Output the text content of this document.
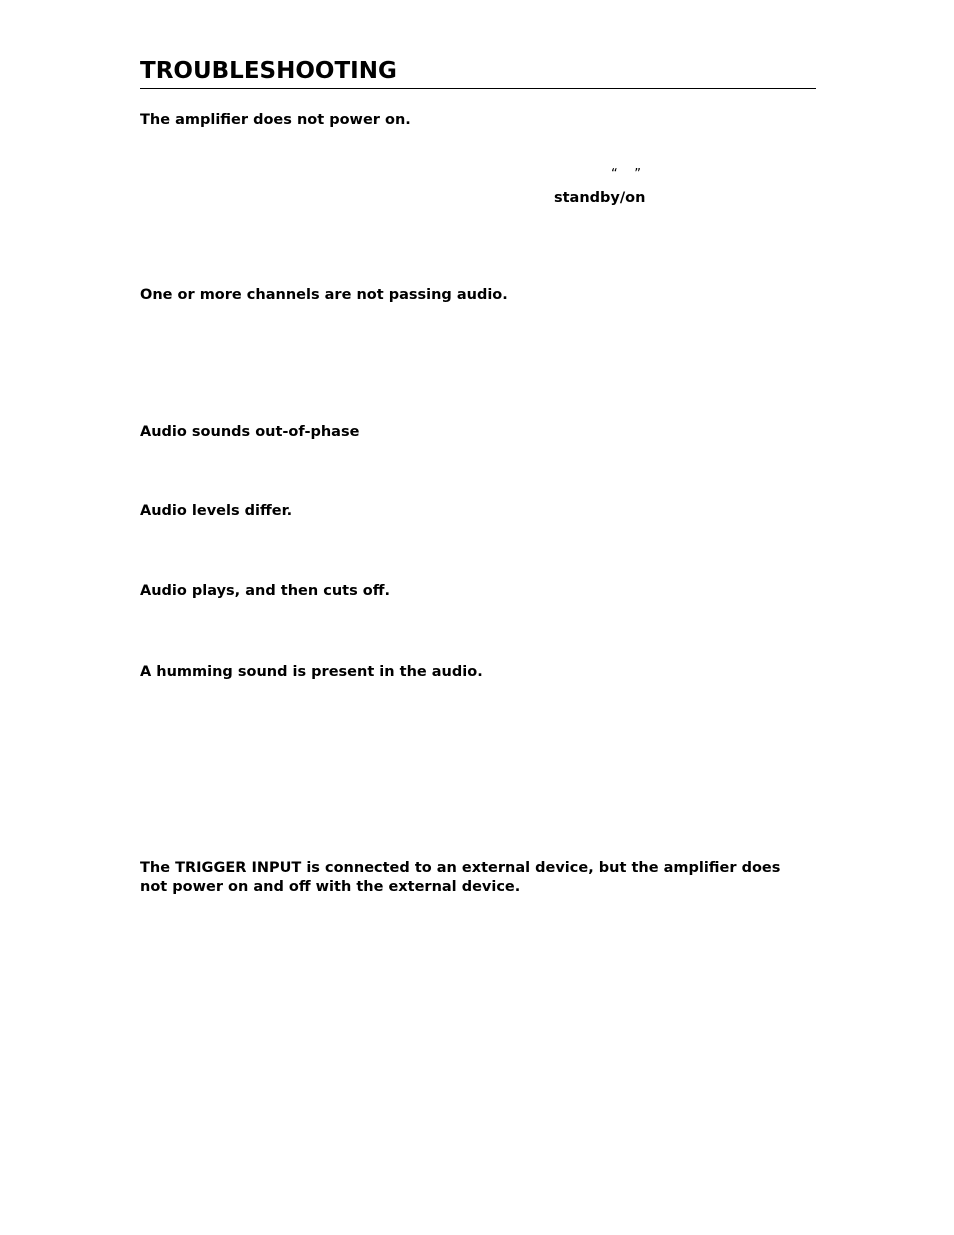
TROUBLESHOOTING

The amplifier does not power on.

“    ”
standby/on

One or more channels are not passing audio.

Audio sounds out-of-phase

Audio levels differ.

Audio plays, and then cuts off.

A humming sound is present in the audio.

The TRIGGER INPUT is connected to an external device, but the amplifier does not power on and off with the external device.
